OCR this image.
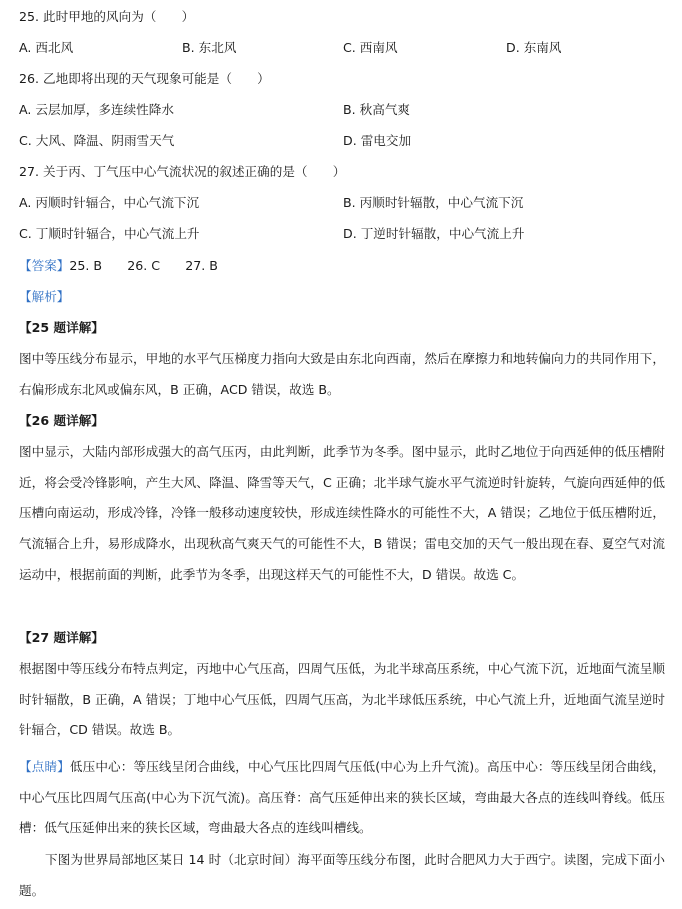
25. 此时甲地的风向为（　　）
A. 西北风	B. 东北风	C. 西南风	D. 东南风
26. 乙地即将出现的天气现象可能是（　　）
A. 云层加厚，多连续性降水	B. 秋高气爽
C. 大风、降温、阴雨雪天气	D. 雷电交加
27. 关于丙、丁气压中心气流状况的叙述正确的是（　　）
A. 丙顺时针辐合，中心气流下沉	B. 丙顺时针辐散，中心气流下沉
C. 丁顺时针辐合，中心气流上升	D. 丁逆时针辐散，中心气流上升
【答案】25. B　　26. C　　27. B
【解析】
【25 题详解】
图中等压线分布显示，甲地的水平气压梯度力指向大致是由东北向西南，然后在摩擦力和地转偏向力的共同作用下，右偏形成东北风或偏东风，B 正确，ACD 错误，故选 B。
【26 题详解】
图中显示，大陆内部形成强大的高气压丙，由此判断，此季节为冬季。图中显示，此时乙地位于向西延伸的低压槽附近，将会受冷锋影响，产生大风、降温、降雪等天气，C 正确；北半球气旋水平气流逆时针旋转，气旋向西延伸的低压槽向南运动，形成冷锋，冷锋一般移动速度较快，形成连续性降水的可能性不大，A 错误；乙地位于低压槽附近，气流辐合上升，易形成降水，出现秋高气爽天气的可能性不大，B 错误；雷电交加的天气一般出现在春、夏空气对流运动中，根据前面的判断，此季节为冬季，出现这样天气的可能性不大，D 错误。故选 C。
【27 题详解】
根据图中等压线分布特点判定，丙地中心气压高，四周气压低，为北半球高压系统，中心气流下沉，近地面气流呈顺时针辐散，B 正确，A 错误；丁地中心气压低，四周气压高，为北半球低压系统，中心气流上升，近地面气流呈逆时针辐合，CD 错误。故选 B。
【点睛】低压中心：等压线呈闭合曲线，中心气压比四周气压低(中心为上升气流)。高压中心：等压线呈闭合曲线，中心气压比四周气压高(中心为下沉气流)。高压脊：高气压延伸出来的狭长区域，弯曲最大各点的连线叫脊线。低压槽：低气压延伸出来的狭长区域，弯曲最大各点的连线叫槽线。
下图为世界局部地区某日 14 时（北京时间）海平面等压线分布图，此时合肥风力大于西宁。读图，完成下面小题。
